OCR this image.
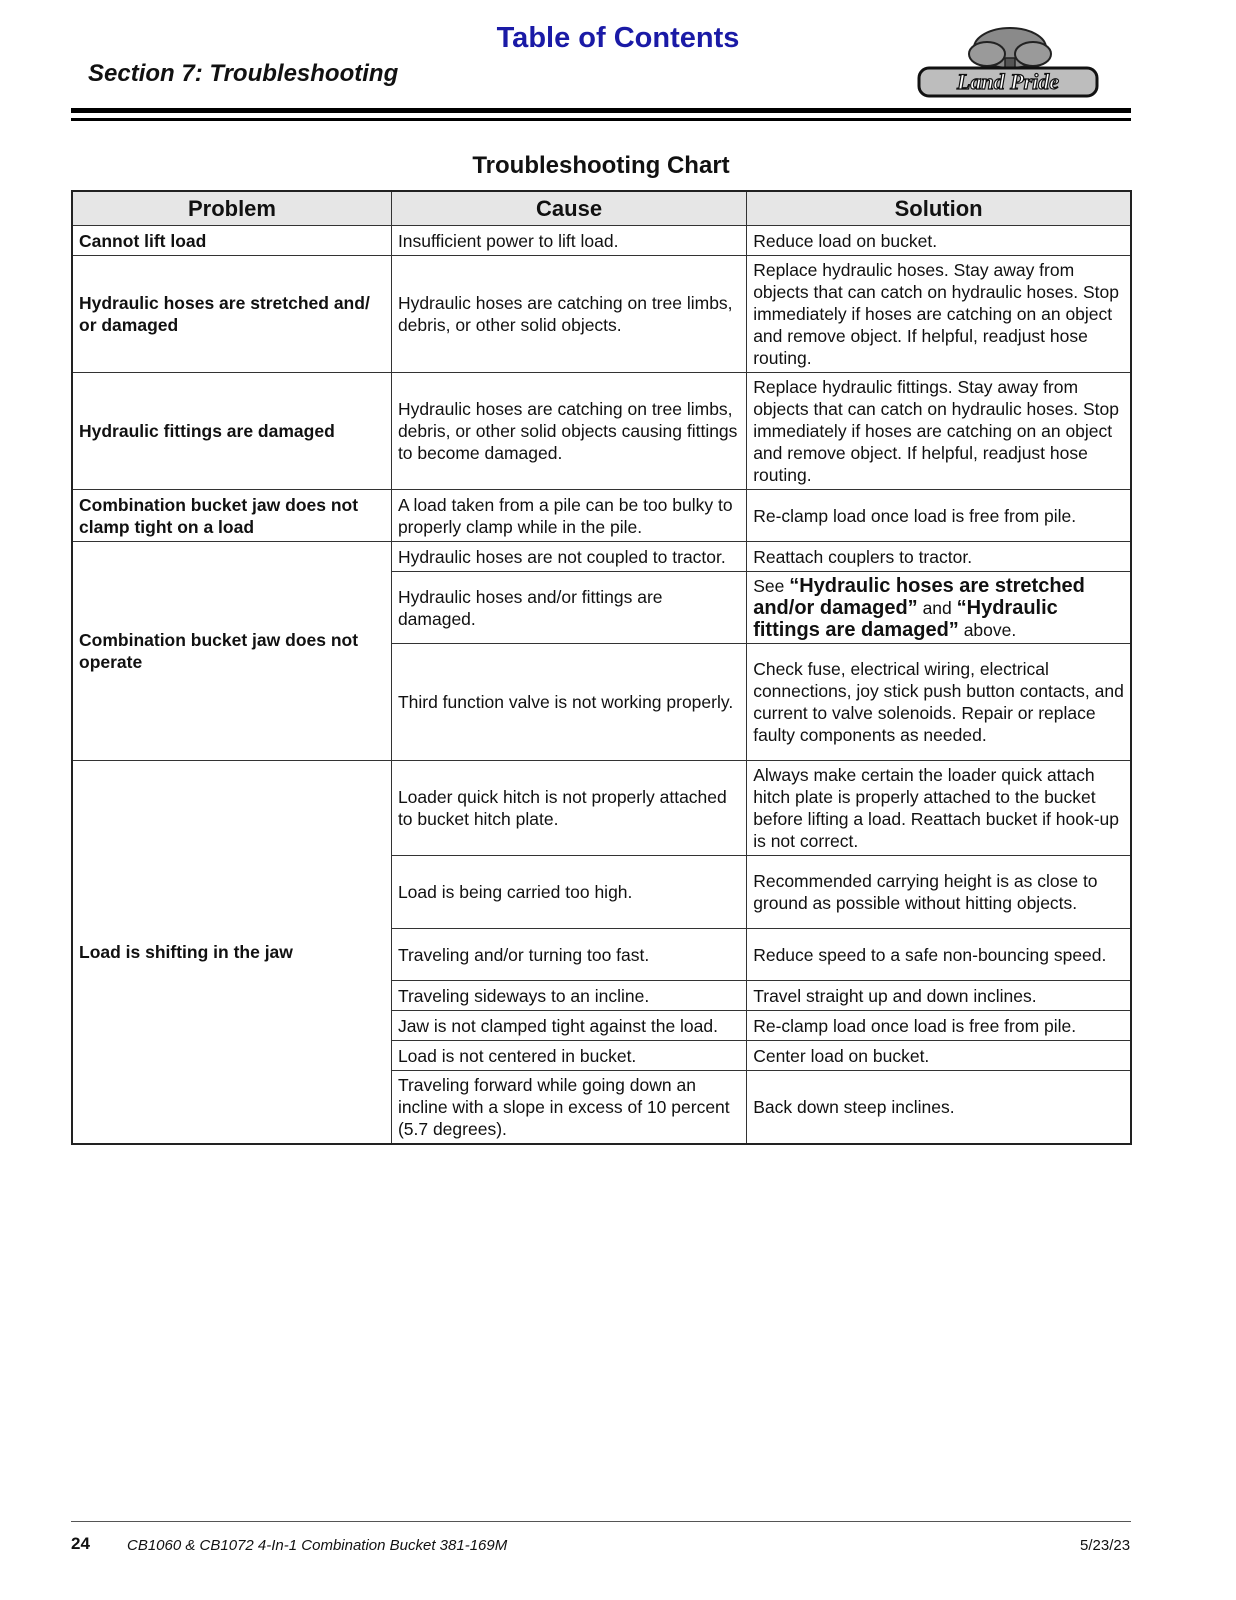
Table of Contents
Section 7: Troubleshooting	Land Pride
Troubleshooting Chart
Problem	Cause	Solution
Cannot lift load	Insufficient power to lift load.	Reduce load on bucket.
Hydraulic hoses are stretched and/ or damaged	Hydraulic hoses are catching on tree limbs, debris, or other solid objects.	Replace hydraulic hoses. Stay away from objects that can catch on hydraulic hoses. Stop immediately if hoses are catching on an object and remove object. If helpful, readjust hose routing.
Hydraulic fittings are damaged	Hydraulic hoses are catching on tree limbs, debris, or other solid objects causing fittings to become damaged.	Replace hydraulic fittings. Stay away from objects that can catch on hydraulic hoses. Stop immediately if hoses are catching on an object and remove object. If helpful, readjust hose routing.
Combination bucket jaw does not clamp tight on a load	A load taken from a pile can be too bulky to properly clamp while in the pile.	Re-clamp load once load is free from pile.
Combination bucket jaw does not operate	Hydraulic hoses are not coupled to tractor.	Reattach couplers to tractor.
	Hydraulic hoses and/or fittings are damaged.	See “Hydraulic hoses are stretched and/or damaged” and “Hydraulic fittings are damaged” above.
	Third function valve is not working properly.	Check fuse, electrical wiring, electrical connections, joy stick push button contacts, and current to valve solenoids. Repair or replace faulty components as needed.
Load is shifting in the jaw	Loader quick hitch is not properly attached to bucket hitch plate.	Always make certain the loader quick attach hitch plate is properly attached to the bucket before lifting a load. Reattach bucket if hook-up is not correct.
	Load is being carried too high.	Recommended carrying height is as close to ground as possible without hitting objects.
	Traveling and/or turning too fast.	Reduce speed to a safe non-bouncing speed.
	Traveling sideways to an incline.	Travel straight up and down inclines.
	Jaw is not clamped tight against the load.	Re-clamp load once load is free from pile.
	Load is not centered in bucket.	Center load on bucket.
	Traveling forward while going down an incline with a slope in excess of 10 percent (5.7 degrees).	Back down steep inclines.
24 CB1060 & CB1072 4-In-1 Combination Bucket 381-169M	5/23/23
